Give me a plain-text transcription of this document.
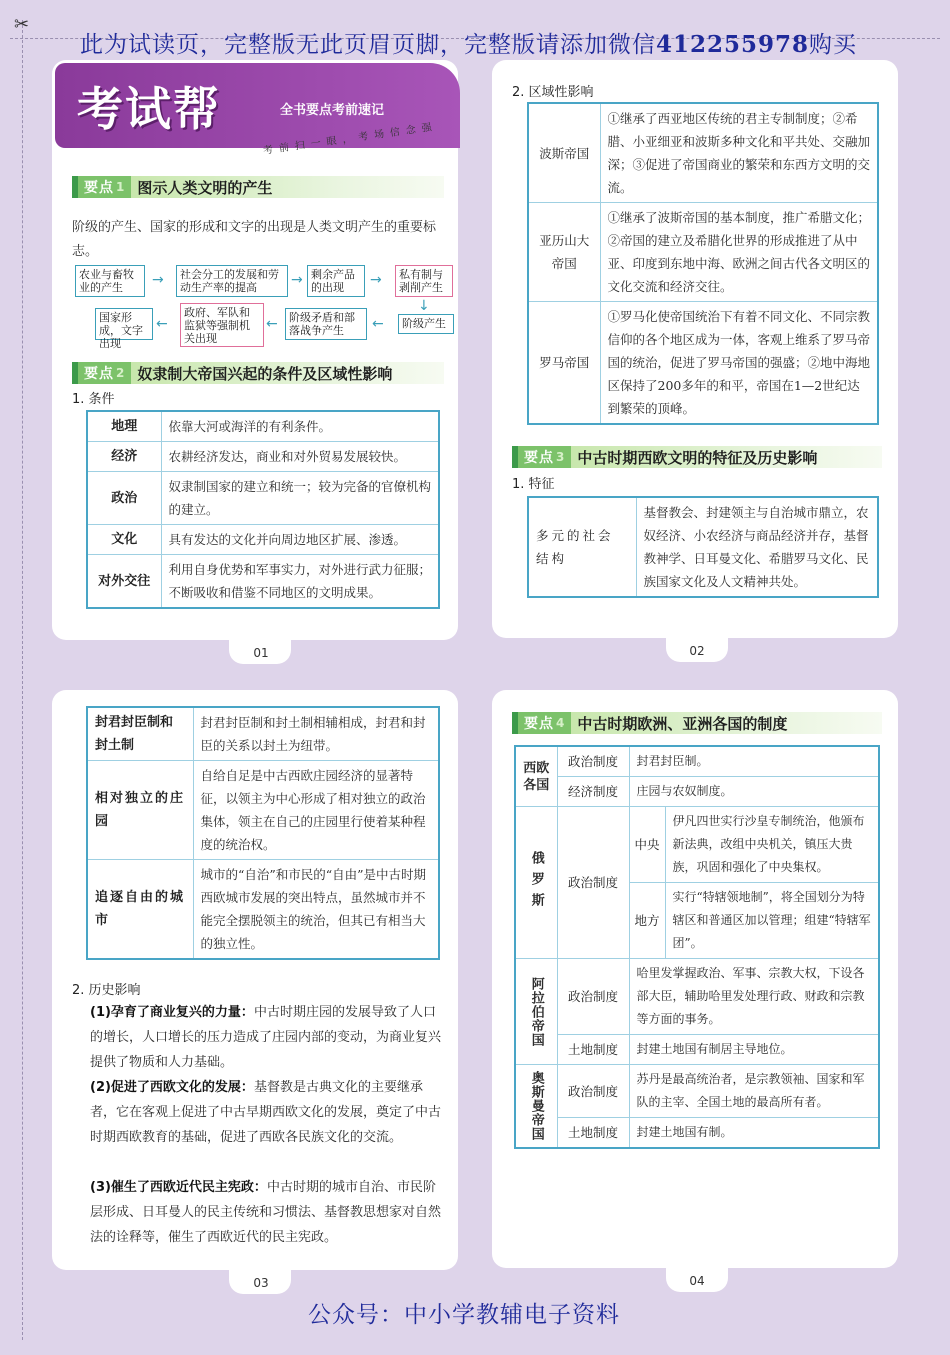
✂
此为试读页，完整版无此页眉页脚，完整版请添加微信412255978购买
01
考试帮	全书要点考前速记
考前扫一眼，考场信念强
要点 1 图示人类文明的产生
阶级的产生、国家的形成和文字的出现是人类文明产生的重要标志。
农业与畜牧业的产生	→	社会分工的发展和劳动生产率的提高	→ 剩余产品的出现	→	私有制与剥削产生
↓
阶级产生
←
阶级矛盾和部落战争产生
←
政府、军队和监狱等强制机关出现
←
国家形成，文字出现
要点 2 奴隶制大帝国兴起的条件及区域性影响
1. 条件
地理	依靠大河或海洋的有利条件。
经济	农耕经济发达，商业和对外贸易发展较快。
政治	奴隶制国家的建立和统一；较为完备的官僚机构的建立。
文化	具有发达的文化并向周边地区扩展、渗透。
对外交往	利用自身优势和军事实力，对外进行武力征服；不断吸收和借鉴不同地区的文明成果。
02
2. 区域性影响
波斯帝国	①继承了西亚地区传统的君主专制制度；②希腊、小亚细亚和波斯多种文化和平共处、交融加深；③促进了帝国商业的繁荣和东西方文明的交流。
亚历山大帝国	①继承了波斯帝国的基本制度，推广希腊文化；②帝国的建立及希腊化世界的形成推进了从中亚、印度到东地中海、欧洲之间古代各文明区的文化交流和经济交往。
罗马帝国	①罗马化使帝国统治下有着不同文化、不同宗教信仰的各个地区成为一体，客观上维系了罗马帝国的统治，促进了罗马帝国的强盛；②地中海地区保持了200多年的和平，帝国在1—2世纪达到繁荣的顶峰。
要点 3 中古时期西欧文明的特征及历史影响
1. 特征
多元的社会结构	基督教会、封建领主与自治城市鼎立，农奴经济、小农经济与商品经济并存，基督教神学、日耳曼文化、希腊罗马文化、民族国家文化及人文精神共处。
03
封君封臣制和封土制	封君封臣制和封土制相辅相成，封君和封臣的关系以封土为纽带。
相对独立的庄园	自给自足是中古西欧庄园经济的显著特征，以领主为中心形成了相对独立的政治集体，领主在自己的庄园里行使着某种程度的统治权。
追逐自由的城市	城市的“自治”和市民的“自由”是中古时期西欧城市发展的突出特点，虽然城市并不能完全摆脱领主的统治，但其已有相当大的独立性。
2. 历史影响
(1)孕育了商业复兴的力量：中古时期庄园的发展导致了人口的增长，人口增长的压力造成了庄园内部的变动，为商业复兴提供了物质和人力基础。
(2)促进了西欧文化的发展：基督教是古典文化的主要继承者，它在客观上促进了中古早期西欧文化的发展，奠定了中古时期西欧教育的基础，促进了西欧各民族文化的交流。
(3)催生了西欧近代民主宪政：中古时期的城市自治、市民阶层形成、日耳曼人的民主传统和习惯法、基督教思想家对自然法的诠释等，催生了西欧近代的民主宪政。
04
要点 4 中古时期欧洲、亚洲各国的制度
西欧各国	政治制度	封君封臣制。	
	经济制度	庄园与农奴制度。	
俄罗斯	政治制度	中央	伊凡四世实行沙皇专制统治，他颁布新法典，改组中央机关，镇压大贵族，巩固和强化了中央集权。
		地方	实行“特辖领地制”，将全国划分为特辖区和普通区加以管理；组建“特辖军团”。
阿拉伯帝国	政治制度	哈里发掌握政治、军事、宗教大权，下设各部大臣，辅助哈里发处理行政、财政和宗教等方面的事务。	
	土地制度	封建土地国有制居主导地位。	
奥斯曼帝国	政治制度	苏丹是最高统治者，是宗教领袖、国家和军队的主宰、全国土地的最高所有者。	
	土地制度	封建土地国有制。	
公众号：中小学教辅电子资料
